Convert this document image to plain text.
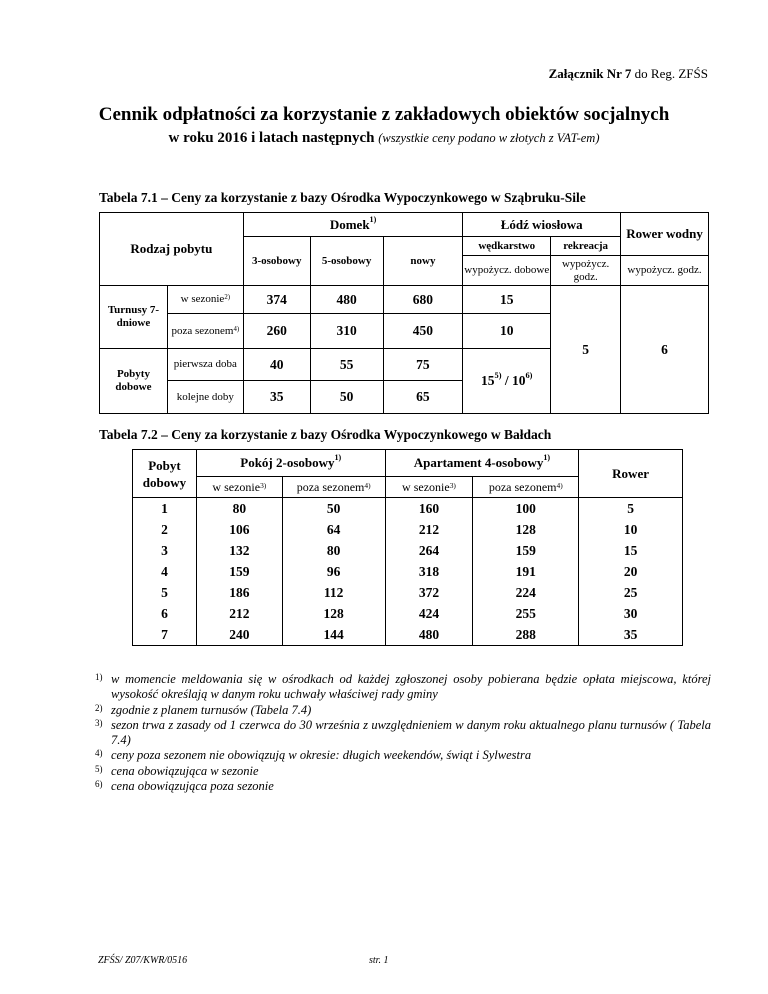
Załącznik Nr 7 do Reg. ZFŚS
Cennik odpłatności za korzystanie z zakładowych obiektów socjalnych
w roku 2016 i latach następnych (wszystkie ceny podano w złotych z VAT-em)
Tabela 7.1 – Ceny za korzystanie z bazy Ośrodka Wypoczynkowego w Sząbruku-Sile
Rodzaj pobytu		Domek$^{1)}$			Łódź wiosłowa		Rower wodny
		3-osobowy	5-osobowy	nowy	wędkarstwo	rekreacja	
					wypożycz. dobowe	wypożycz. godz.	wypożycz. godz.
Turnusy 7-dniowe	w sezonie$^{2)}$	374	480	680	15	5	6
	poza sezonem$^{4)}$	260	310	450	10		
Pobyty dobowe	pierwsza doba	40	55	75	15$^{5)}$ / 10$^{6)}$
	kolejne doby	35	50	65			
Tabela 7.2 – Ceny za korzystanie z bazy Ośrodka Wypoczynkowego w Bałdach
Pobyt dobowy	Pokój 2-osobowy$^{1)}$		Apartament 4-osobowy$^{1)}$		Rower
	w sezonie$^{3)}$	poza sezonem$^{4)}$	w sezonie$^{3)}$	poza sezonem$^{4)}$
1	80	50	160	100	5
2	106	64	212	128	10
3	132	80	264	159	15
4	159	96	318	191	20
5	186	112	372	224	25
6	212	128	424	255	30
7	240	144	480	288	35
1) w momencie meldowania się w ośrodkach od każdej zgłoszonej osoby pobierana będzie opłata miejscowa, której wysokość określają w danym roku uchwały właściwej rady gminy
2) zgodnie z planem turnusów (Tabela 7.4)
3) sezon trwa z zasady od 1 czerwca do 30 września z uwzględnieniem w danym roku aktualnego planu turnusów ( Tabela 7.4)
4) ceny poza sezonem nie obowiązują w okresie: długich weekendów, świąt i Sylwestra
5) cena obowiązująca w sezonie
6) cena obowiązująca poza sezonie
ZFŚS/ Z07/KWR/0516	str. 1
